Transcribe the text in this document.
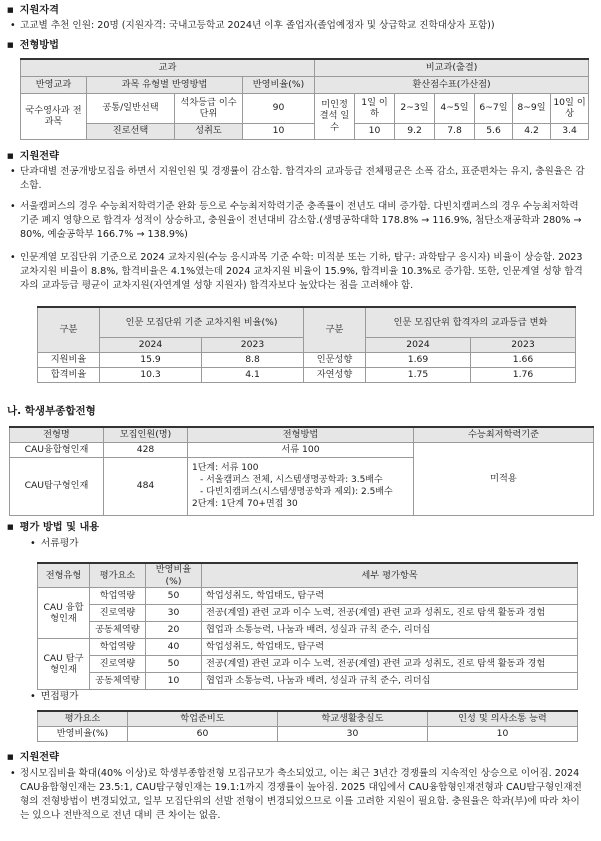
■ 지원자격
• 고교별 추천 인원: 20명 (지원자격: 국내고등학교 2024년 이후 졸업자(졸업예정자 및 상급학교 진학대상자 포함))
■ 전형방법
교과				비교과(출결)						
반영교과	과목 유형별 반영방법		반영비율(%)	환산점수표(가산점)						
국수영사과 전 과목	공통/일반선택	석차등급 이수단위	90	미인정 결석 일수	1일 이하	2~3일	4~5일	6~7일	8~9일	10일 이상
	진로선택	성취도	10		10	9.2	7.8	5.6	4.2	3.4
■ 지원전략
• 단과대별 전공개방모집을 하면서 지원인원 및 경쟁률이 감소함. 합격자의 교과등급 전체평균은 소폭 감소, 표준편차는 유지, 충원율은 감소함.
• 서울캠퍼스의 경우 수능최저학력기준 완화 등으로 수능최저학력기준 충족률이 전년도 대비 증가함. 다빈치캠퍼스의 경우 수능최저학력기준 폐지 영향으로 합격자 성적이 상승하고, 충원율이 전년대비 감소함.(생명공학대학 178.8% → 116.9%, 첨단소재공학과 280% → 80%, 예술공학부 166.7% → 138.9%)
• 인문계열 모집단위 기준으로 2024 교차지원(수능 응시과목 기준 수학: 미적분 또는 기하, 탐구: 과학탐구 응시자) 비율이 상승함. 2023 교차지원 비율이 8.8%, 합격비율은 4.1%였는데 2024 교차지원 비율이 15.9%, 합격비율 10.3%로 증가함. 또한, 인문계열 성향 합격자의 교과등급 평균이 교차지원(자연계열 성향 지원자) 합격자보다 높았다는 점을 고려해야 함.
구분	인문 모집단위 기준 교차지원 비율(%)		구분	인문 모집단위 합격자의 교과등급 변화	
	2024	2023		2024	2023
지원비율	15.9	8.8	인문성향	1.69	1.66
합격비율	10.3	4.1	자연성향	1.75	1.76
나. 학생부종합전형
전형명	모집인원(명)	전형방법	수능최저학력기준
CAU융합형인재	428	서류 100	미적용
CAU탐구형인재	484	1단계: 서류 100
- 서울캠퍼스 전체, 시스템생명공학과: 3.5배수
- 다빈치캠퍼스(시스템생명공학과 제외): 2.5배수
2단계: 1단계 70+면접 30	
■ 평가 방법 및 내용
• 서류평가
전형유형	평가요소	반영비율(%)	세부 평가항목
CAU 융합형인재	학업역량	50	학업성취도, 학업태도, 탐구력
	진로역량	30	전공(계열) 관련 교과 이수 노력, 전공(계열) 관련 교과 성취도, 진로 탐색 활동과 경험
	공동체역량	20	협업과 소통능력, 나눔과 배려, 성실과 규칙 준수, 리더십
CAU 탐구형인재	학업역량	40	학업성취도, 학업태도, 탐구력
	진로역량	50	전공(계열) 관련 교과 이수 노력, 전공(계열) 관련 교과 성취도, 진로 탐색 활동과 경험
	공동체역량	10	협업과 소통능력, 나눔과 배려, 성실과 규칙 준수, 리더십
• 면접평가
평가요소	학업준비도	학교생활충실도	인성 및 의사소통 능력
반영비율(%)	60	30	10
■ 지원전략
• 정시모집비율 확대(40% 이상)로 학생부종합전형 모집규모가 축소되었고, 이는 최근 3년간 경쟁률의 지속적인 상승으로 이어짐. 2024 CAU융합형인재는 23.5:1, CAU탐구형인재는 19.1:1까지 경쟁률이 높아짐. 2025 대입에서 CAU융합형인재전형과 CAU탐구형인재전형의 전형방법이 변경되었고, 일부 모집단위의 선발 전형이 변경되었으므로 이를 고려한 지원이 필요함. 충원율은 학과(부)에 따라 차이는 있으나 전반적으로 전년 대비 큰 차이는 없음.
